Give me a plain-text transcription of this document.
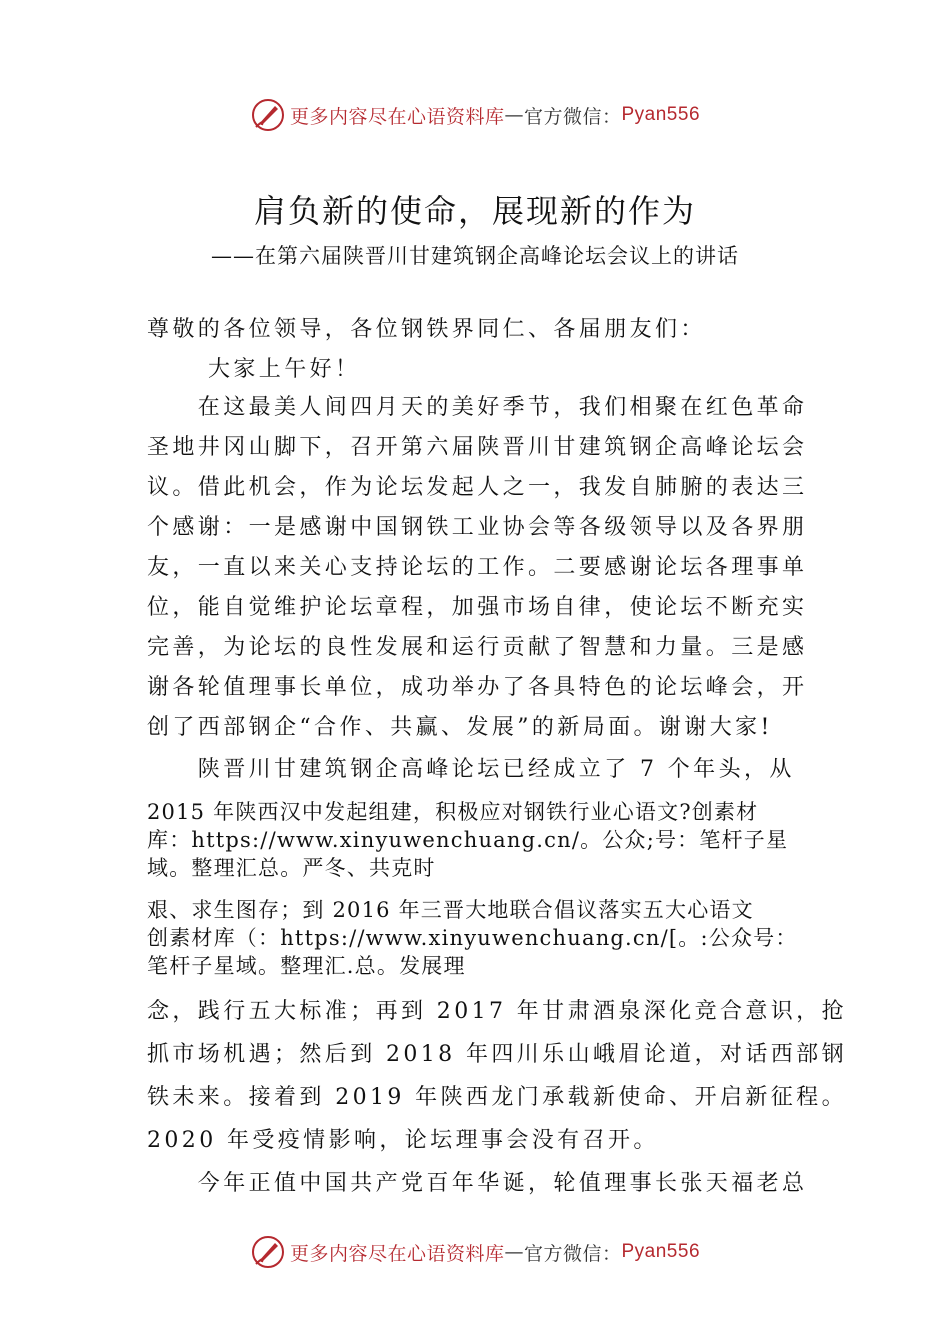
更多内容尽在心语资料库 — 官方微信： Pyan556
肩负新的使命，展现新的作为
——在第六届陕晋川甘建筑钢企高峰论坛会议上的讲话
尊敬的各位领导，各位钢铁界同仁、各届朋友们：
大家上午好！
　　在这最美人间四月天的美好季节，我们相聚在红色革命
圣地井冈山脚下，召开第六届陕晋川甘建筑钢企高峰论坛会
议。借此机会，作为论坛发起人之一，我发自肺腑的表达三
个感谢：一是感谢中国钢铁工业协会等各级领导以及各界朋
友，一直以来关心支持论坛的工作。二要感谢论坛各理事单
位，能自觉维护论坛章程，加强市场自律，使论坛不断充实
完善，为论坛的良性发展和运行贡献了智慧和力量。三是感
谢各轮值理事长单位，成功举办了各具特色的论坛峰会，开
创了西部钢企“合作、共赢、发展”的新局面。谢谢大家!
　　陕晋川甘建筑钢企高峰论坛已经成立了 7 个年头，从
2015 年陕西汉中发起组建，积极应对钢铁行业心语文?创素材
库：https://www.xinyuwenchuang.cn/。公众;号：笔杆子星
域。整理汇总。严冬、共克时
艰、求生图存；到 2016 年三晋大地联合倡议落实五大心语文
创素材库（：https://www.xinyuwenchuang.cn/[。:公众号：
笔杆子星域。整理汇.总。发展理
念，践行五大标准；再到 2017 年甘肃酒泉深化竞合意识，抢
抓市场机遇；然后到 2018 年四川乐山峨眉论道，对话西部钢
铁未来。接着到 2019 年陕西龙门承载新使命、开启新征程。
2020 年受疫情影响，论坛理事会没有召开。
　　今年正值中国共产党百年华诞，轮值理事长张天福老总
更多内容尽在心语资料库 — 官方微信： Pyan556
